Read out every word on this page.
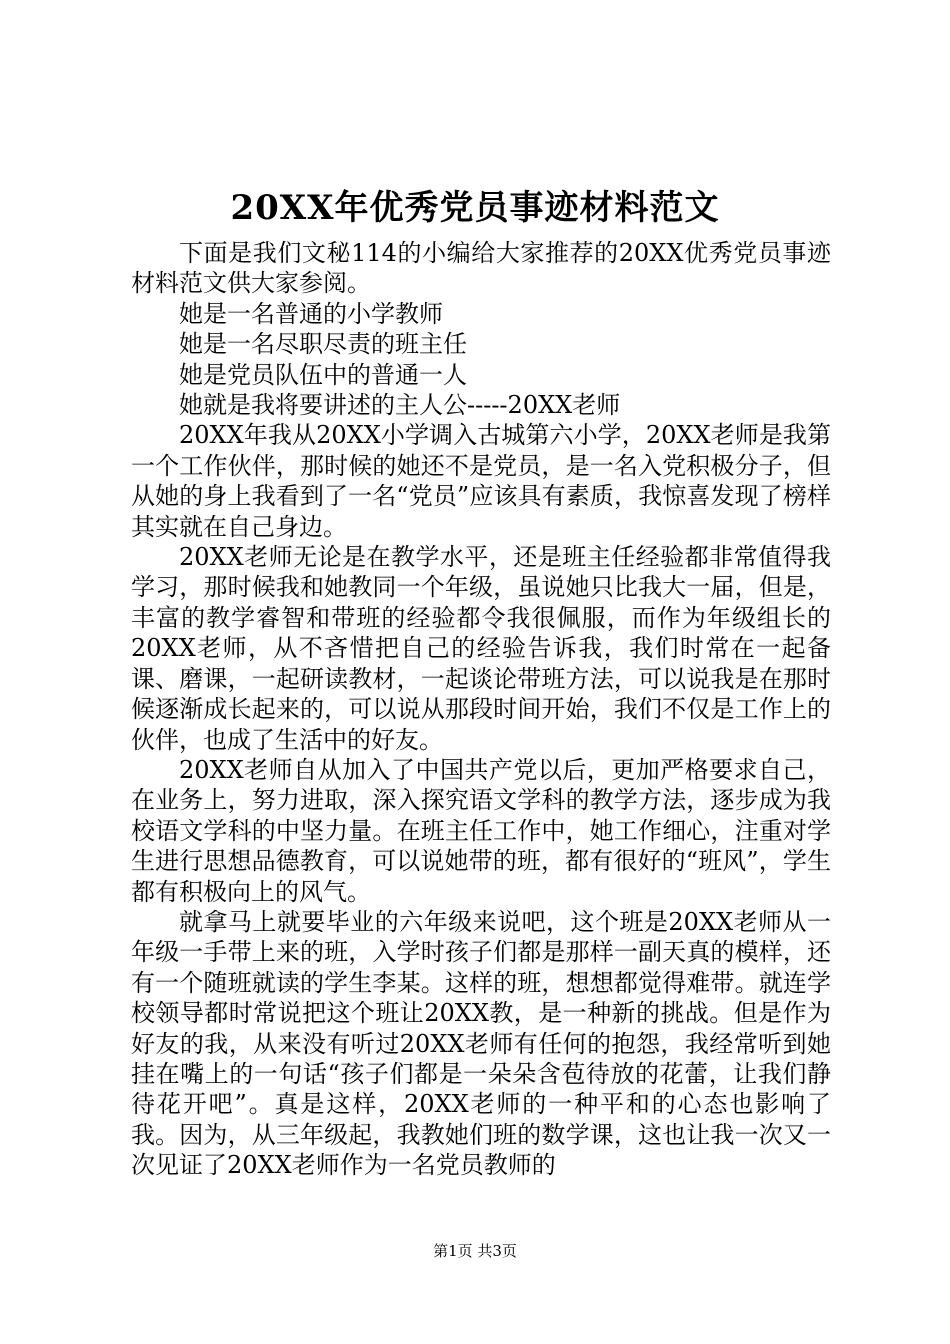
20XX年优秀党员事迹材料范文

下面是我们文秘114的小编给大家推荐的20XX优秀党员事迹材料范文供大家参阅。

她是一名普通的小学教师

她是一名尽职尽责的班主任

她是党员队伍中的普通一人

她就是我将要讲述的主人公-----20XX老师

20XX年我从20XX小学调入古城第六小学，20XX老师是我第一个工作伙伴，那时候的她还不是党员，是一名入党积极分子，但从她的身上我看到了一名“党员”应该具有素质，我惊喜发现了榜样其实就在自己身边。

20XX老师无论是在教学水平，还是班主任经验都非常值得我学习，那时候我和她教同一个年级，虽说她只比我大一届，但是，丰富的教学睿智和带班的经验都令我很佩服，而作为年级组长的20XX老师，从不吝惜把自己的经验告诉我，我们时常在一起备课、磨课，一起研读教材，一起谈论带班方法，可以说我是在那时候逐渐成长起来的，可以说从那段时间开始，我们不仅是工作上的伙伴，也成了生活中的好友。

20XX老师自从加入了中国共产党以后，更加严格要求自己，在业务上，努力进取，深入探究语文学科的教学方法，逐步成为我校语文学科的中坚力量。在班主任工作中，她工作细心，注重对学生进行思想品德教育，可以说她带的班，都有很好的“班风”，学生都有积极向上的风气。

就拿马上就要毕业的六年级来说吧，这个班是20XX老师从一年级一手带上来的班，入学时孩子们都是那样一副天真的模样，还有一个随班就读的学生李某。这样的班，想想都觉得难带。就连学校领导都时常说把这个班让20XX教，是一种新的挑战。但是作为好友的我，从来没有听过20XX老师有任何的抱怨，我经常听到她挂在嘴上的一句话“孩子们都是一朵朵含苞待放的花蕾，让我们静待花开吧”。真是这样，20XX老师的一种平和的心态也影响了我。因为，从三年级起，我教她们班的数学课，这也让我一次又一次见证了20XX老师作为一名党员教师的

第1页 共3页
